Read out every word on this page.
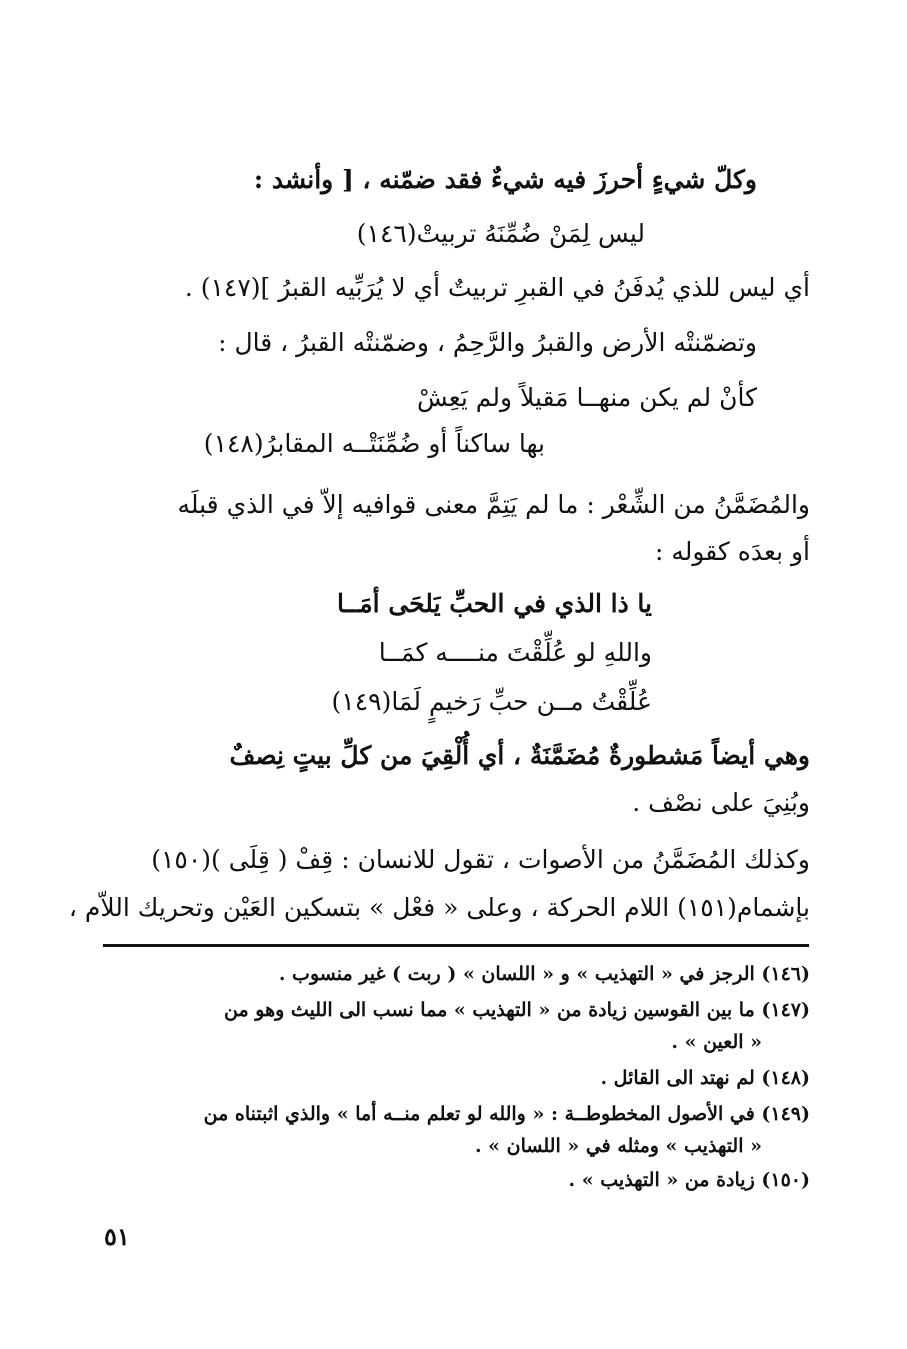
وكلّ شيءٍ أحرزَ فيه شيءٌ فقد ضمّنه ، [ وأنشد :
ليس لِمَنْ ضُمِّنَهُ تربيتْ(١٤٦)
أي ليس للذي يُدفَنُ في القبرِ تربيتٌ أي لا يُرَبِّيه القبرُ ](١٤٧) .
وتضمّنتْه الأرض والقبرُ والرَّحِمُ ، وضمّنتْه القبرُ ، قال :
كأنْ لم يكن منهــا مَقيلاً ولم يَعِشْ
بها ساكناً أو ضُمِّنَتْــه المقابرُ(١٤٨)
والمُضَمَّنُ من الشِّعْر : ما لم يَتِمَّ معنى قوافيه إلاّ في الذي قبلَه
أو بعدَه كقوله :
يا ذا الذي في الحبِّ يَلحَى أمَــا
واللهِ لو عُلِّقْتَ منــــه كمَــا
عُلِّقْتُ مــن حبِّ رَخيمٍ لَمَا(١٤٩)
وهي أيضاً مَشطورةٌ مُضَمَّنَةٌ ، أي أُلْقِيَ من كلِّ بيتٍ نِصفٌ
وبُنِيَ على نصْف .
وكذلك المُضَمَّنُ من الأصوات ، تقول للانسان : قِفْ ( قِلَى )(١٥٠)
بإشمام(١٥١) اللام الحركة ، وعلى « فعْل » بتسكين العَيْن وتحريك اللاّم ،
(١٤٦) الرجز في « التهذيب » و « اللسان » ( ربت ) غير منسوب .
(١٤٧) ما بين القوسين زيادة من « التهذيب » مما نسب الى الليث وهو من
« العين » .
(١٤٨) لم نهتد الى القائل .
(١٤٩) في الأصول المخطوطــة : « والله لو تعلم منــه أما » والذي اثبتناه من
« التهذيب » ومثله في « اللسان » .
(١٥٠) زيادة من « التهذيب » .
٥١
